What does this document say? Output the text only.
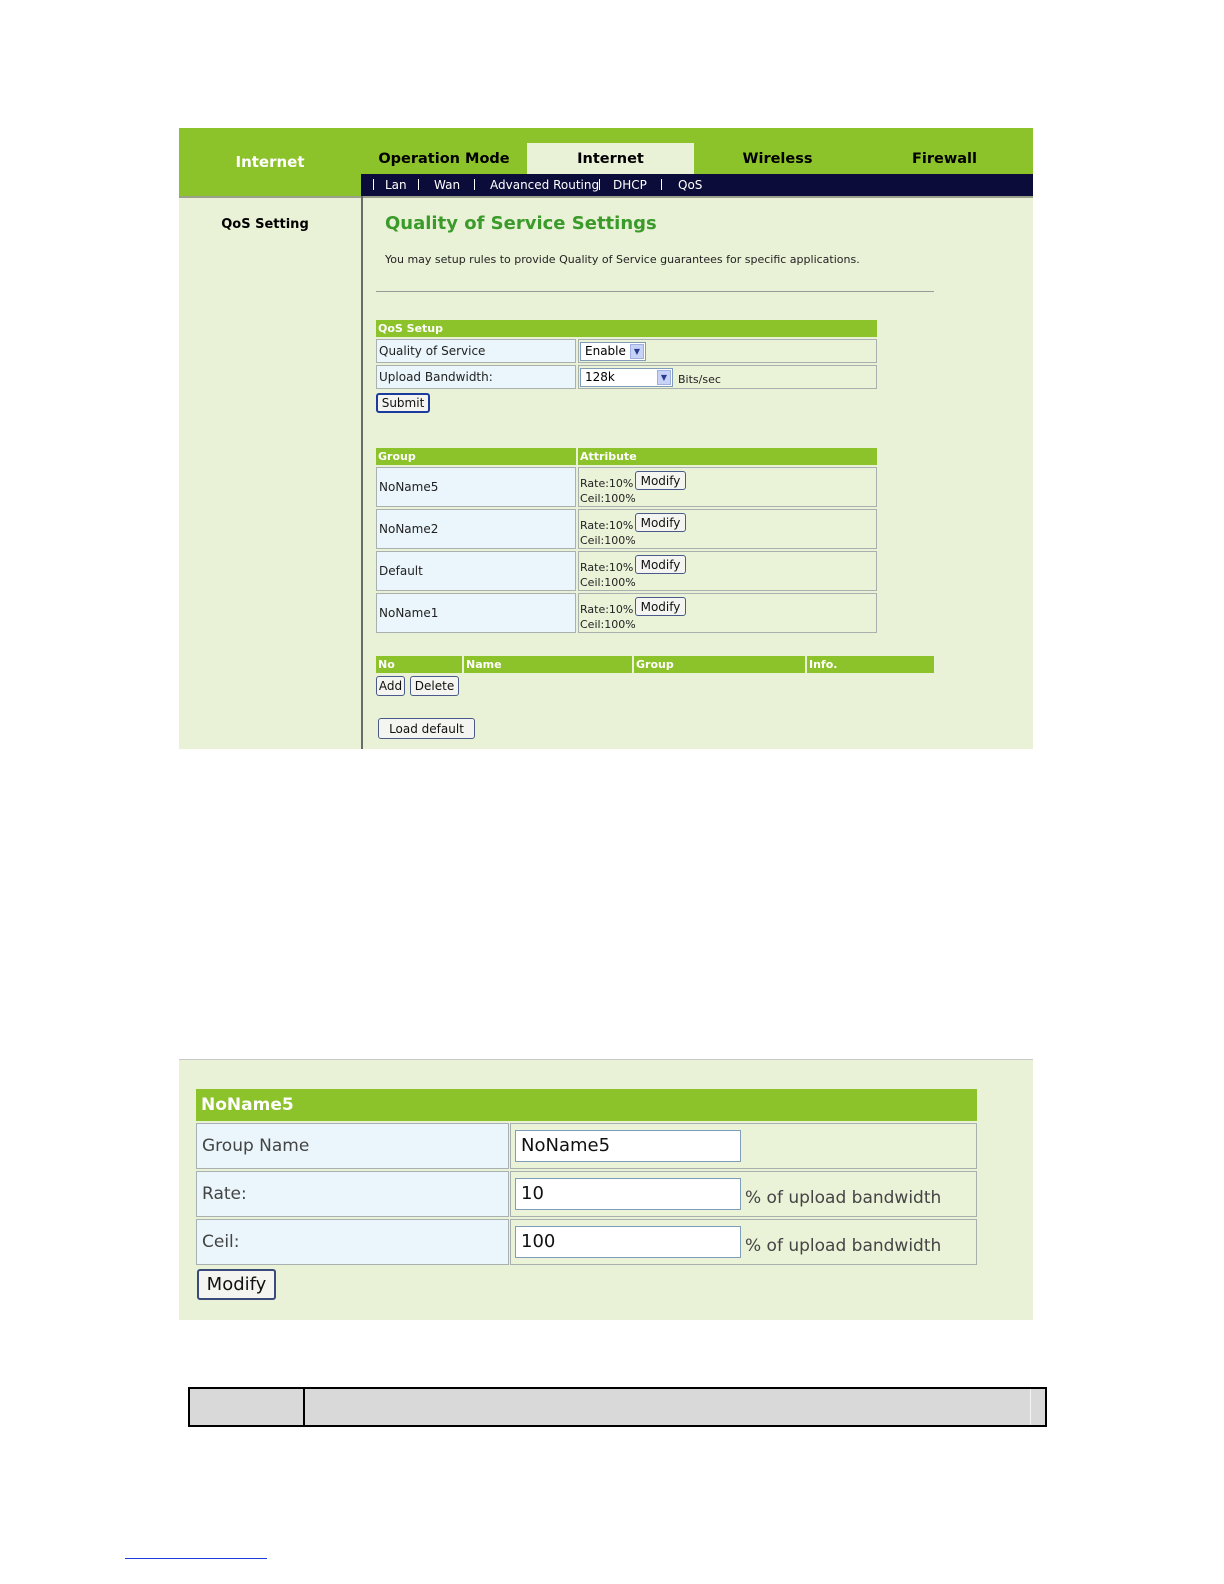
Internet	Operation Mode	Internet	Wireless	Firewall
Lan Wan Advanced Routing DHCP	QoS
QoS Setting	Quality of Service Settings
You may setup rules to provide Quality of Service guarantees for specific applications.
QoS Setup
Quality of Service	Enable	▼
Upload Bandwidth:	128k	▼ Bits/sec
Submit
Group	Attribute
NoName5	Rate:10%
Ceil:100%
Modify
NoName2	Rate:10%
Ceil:100%
Modify
Default	Rate:10%
Ceil:100%
Modify
NoName1	Rate:10%
Ceil:100%
Modify
No	Name	Group	Info.
Add	Delete
Load default
NoName5
Group Name	NoName5
Rate:	10	% of upload bandwidth
Ceil:	100	% of upload bandwidth
Modify
